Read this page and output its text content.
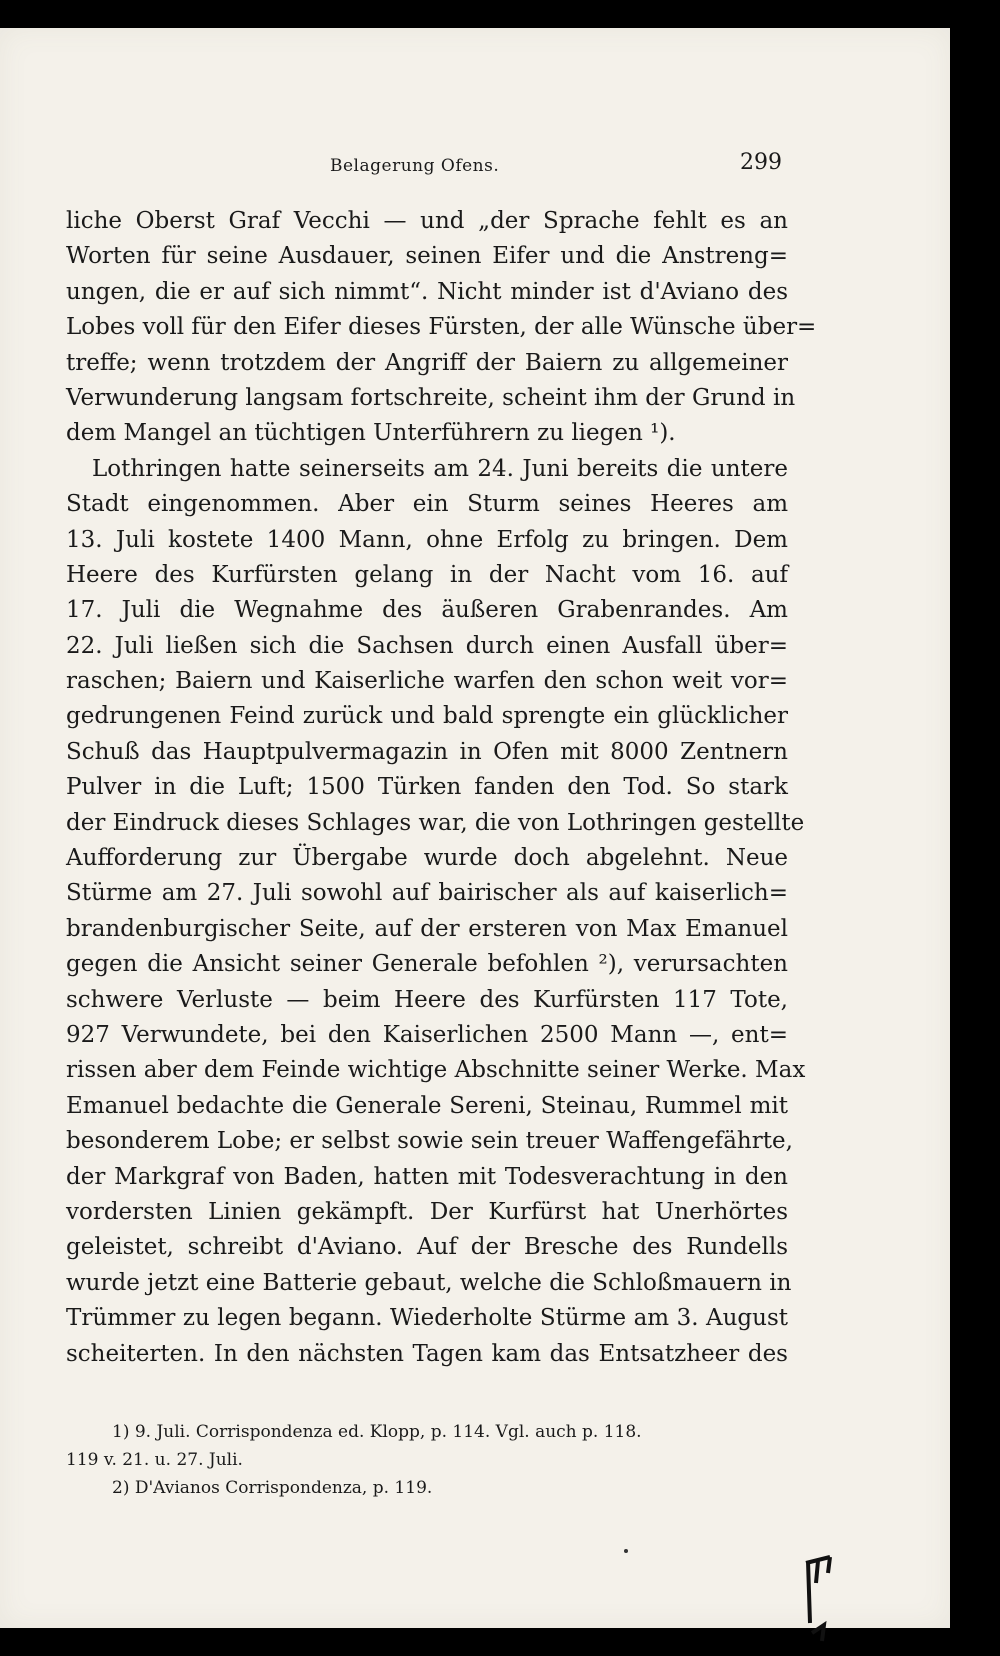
Belagerung Ofens.	299
liche Oberst Graf Vecchi — und „der Sprache fehlt es an
Worten für seine Ausdauer, seinen Eifer und die Anstreng=
ungen, die er auf sich nimmt“. Nicht minder ist d'Aviano des
Lobes voll für den Eifer dieses Fürsten, der alle Wünsche über=
treffe; wenn trotzdem der Angriff der Baiern zu allgemeiner
Verwunderung langsam fortschreite, scheint ihm der Grund in
dem Mangel an tüchtigen Unterführern zu liegen ¹).
Lothringen hatte seinerseits am 24. Juni bereits die untere
Stadt eingenommen. Aber ein Sturm seines Heeres am
13. Juli kostete 1400 Mann, ohne Erfolg zu bringen. Dem
Heere des Kurfürsten gelang in der Nacht vom 16. auf
17. Juli die Wegnahme des äußeren Grabenrandes. Am
22. Juli ließen sich die Sachsen durch einen Ausfall über=
raschen; Baiern und Kaiserliche warfen den schon weit vor=
gedrungenen Feind zurück und bald sprengte ein glücklicher
Schuß das Hauptpulvermagazin in Ofen mit 8000 Zentnern
Pulver in die Luft; 1500 Türken fanden den Tod. So stark
der Eindruck dieses Schlages war, die von Lothringen gestellte
Aufforderung zur Übergabe wurde doch abgelehnt. Neue
Stürme am 27. Juli sowohl auf bairischer als auf kaiserlich=
brandenburgischer Seite, auf der ersteren von Max Emanuel
gegen die Ansicht seiner Generale befohlen ²), verursachten
schwere Verluste — beim Heere des Kurfürsten 117 Tote,
927 Verwundete, bei den Kaiserlichen 2500 Mann —, ent=
rissen aber dem Feinde wichtige Abschnitte seiner Werke. Max
Emanuel bedachte die Generale Sereni, Steinau, Rummel mit
besonderem Lobe; er selbst sowie sein treuer Waffengefährte,
der Markgraf von Baden, hatten mit Todesverachtung in den
vordersten Linien gekämpft. Der Kurfürst hat Unerhörtes
geleistet, schreibt d'Aviano. Auf der Bresche des Rundells
wurde jetzt eine Batterie gebaut, welche die Schloßmauern in
Trümmer zu legen begann. Wiederholte Stürme am 3. August
scheiterten. In den nächsten Tagen kam das Entsatzheer des
1) 9. Juli. Corrispondenza ed. Klopp, p. 114. Vgl. auch p. 118.
119 v. 21. u. 27. Juli.
2) D'Avianos Corrispondenza, p. 119.
